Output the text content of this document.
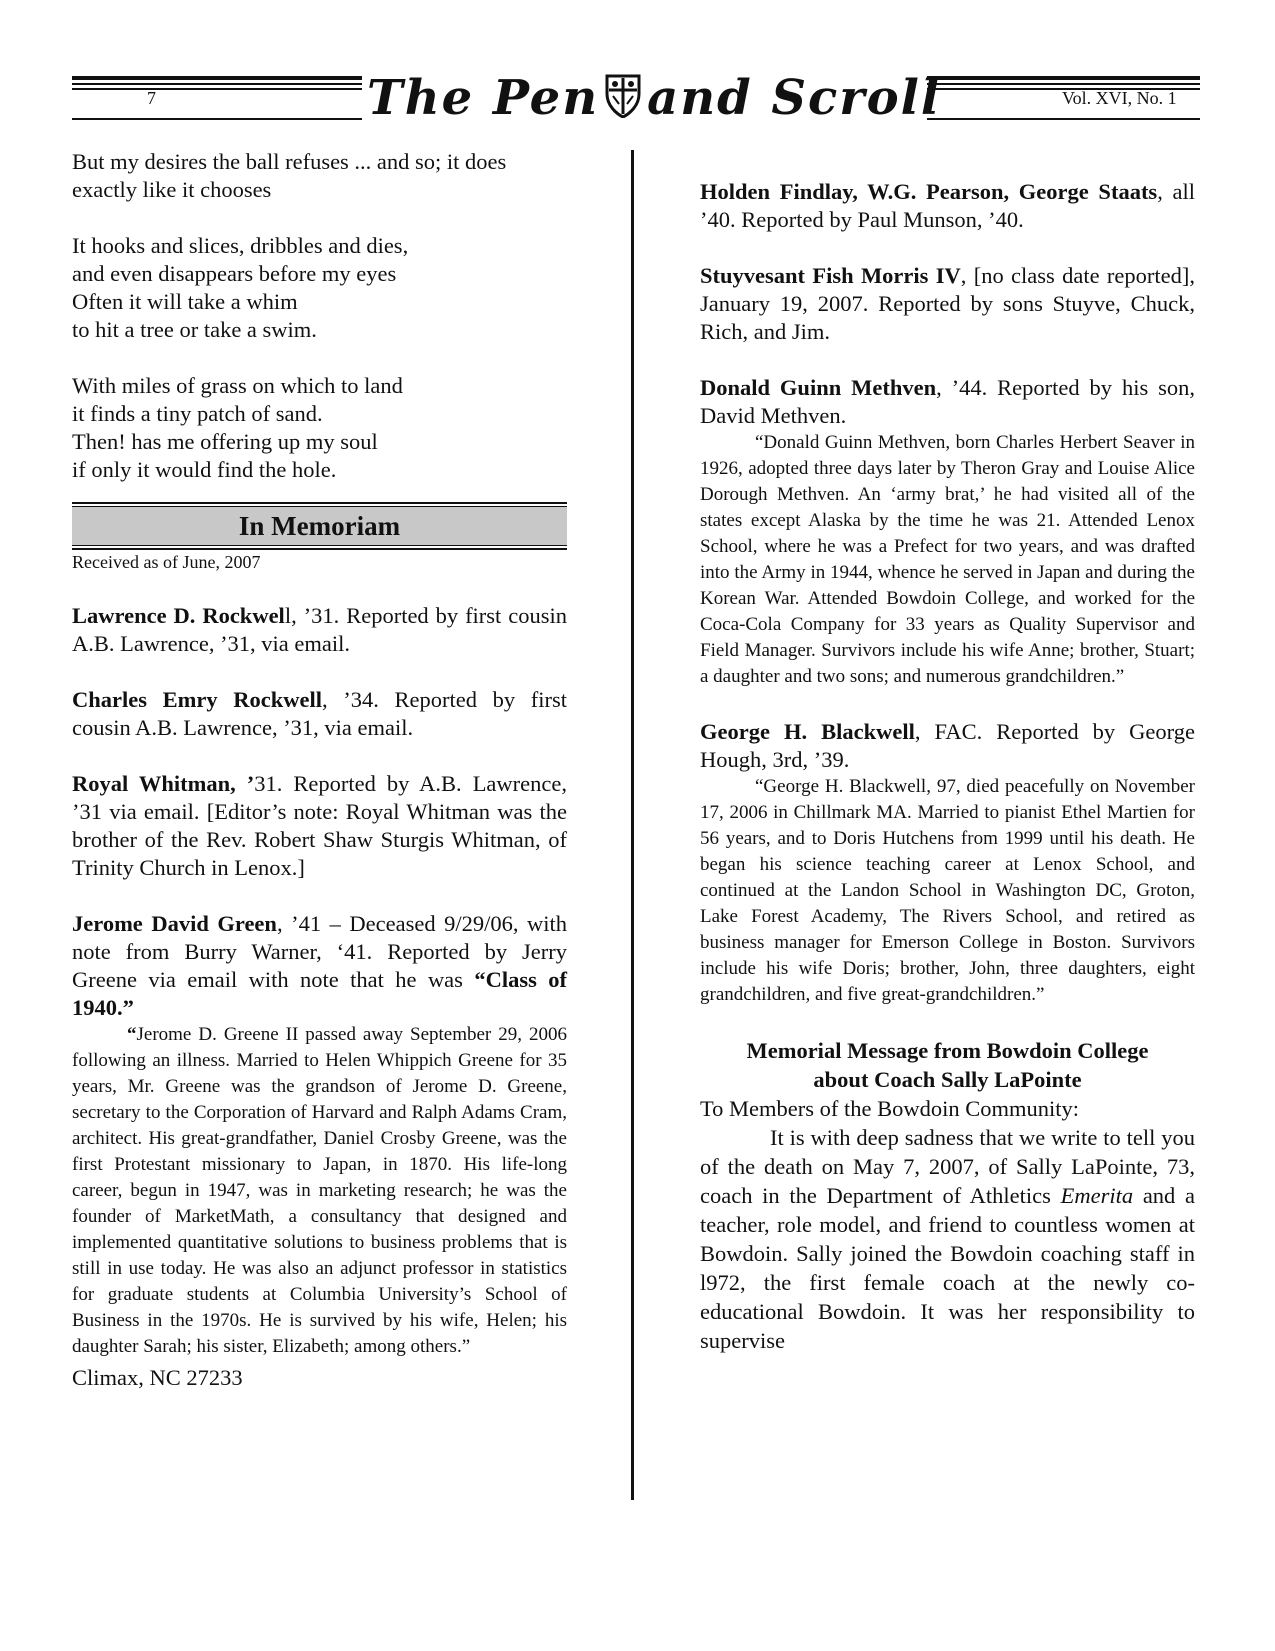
7	The Pen and Scroll	Vol. XVI, No. 1

But my desires the ball refuses ... and so; it does exactly like it chooses

It hooks and slices, dribbles and dies,

and even disappears before my eyes

Often it will take a whim

to hit a tree or take a swim.

With miles of grass on which to land

it finds a tiny patch of sand.

Then! has me offering up my soul

if only it would find the hole.

In Memoriam

Received as of June, 2007

Lawrence D. Rockwell, ’31. Reported by first cousin A.B. Lawrence, ’31, via email.

Charles Emry Rockwell, ’34. Reported by first cousin A.B. Lawrence, ’31, via email.

Royal Whitman, ’31. Reported by A.B. Lawrence, ’31 via email. [Editor’s note: Royal Whitman was the brother of the Rev. Robert Shaw Sturgis Whitman, of Trinity Church in Lenox.]

Jerome David Green, ’41 – Deceased 9/29/06, with note from Burry Warner, ‘41. Reported by Jerry Greene via email with note that he was “Class of 1940.”

“Jerome D. Greene II passed away September 29, 2006 following an illness. Married to Helen Whippich Greene for 35 years, Mr. Greene was the grandson of Jerome D. Greene, secretary to the Corporation of Harvard and Ralph Adams Cram, architect. His great-grandfather, Daniel Crosby Greene, was the first Protestant missionary to Japan, in 1870. His life-long career, begun in 1947, was in marketing research; he was the founder of MarketMath, a consultancy that designed and implemented quantitative solutions to business problems that is still in use today. He was also an adjunct professor in statistics for graduate students at Columbia University’s School of Business in the 1970s. He is survived by his wife, Helen; his daughter Sarah; his sister, Elizabeth; among others.”

Climax, NC 27233

Holden Findlay, W.G. Pearson, George Staats, all ’40. Reported by Paul Munson, ’40.

Stuyvesant Fish Morris IV, [no class date reported], January 19, 2007. Reported by sons Stuyve, Chuck, Rich, and Jim.

Donald Guinn Methven, ’44. Reported by his son, David Methven.

“Donald Guinn Methven, born Charles Herbert Seaver in 1926, adopted three days later by Theron Gray and Louise Alice Dorough Methven. An ‘army brat,’ he had visited all of the states except Alaska by the time he was 21. Attended Lenox School, where he was a Prefect for two years, and was drafted into the Army in 1944, whence he served in Japan and during the Korean War. Attended Bowdoin College, and worked for the Coca-Cola Company for 33 years as Quality Supervisor and Field Manager. Survivors include his wife Anne; brother, Stuart; a daughter and two sons; and numerous grandchildren.”

George H. Blackwell, FAC. Reported by George Hough, 3rd, ’39.

“George H. Blackwell, 97, died peacefully on November 17, 2006 in Chillmark MA. Married to pianist Ethel Martien for 56 years, and to Doris Hutchens from 1999 until his death. He began his science teaching career at Lenox School, and continued at the Landon School in Washington DC, Groton, Lake Forest Academy, The Rivers School, and retired as business manager for Emerson College in Boston. Survivors include his wife Doris; brother, John, three daughters, eight grandchildren, and five great-grandchildren.”

Memorial Message from Bowdoin College

about Coach Sally LaPointe

To Members of the Bowdoin Community:

It is with deep sadness that we write to tell you of the death on May 7, 2007, of Sally LaPointe, 73, coach in the Department of Athletics Emerita and a teacher, role model, and friend to countless women at Bowdoin. Sally joined the Bowdoin coaching staff in l972, the first female coach at the newly co-educational Bowdoin. It was her responsibility to supervise
